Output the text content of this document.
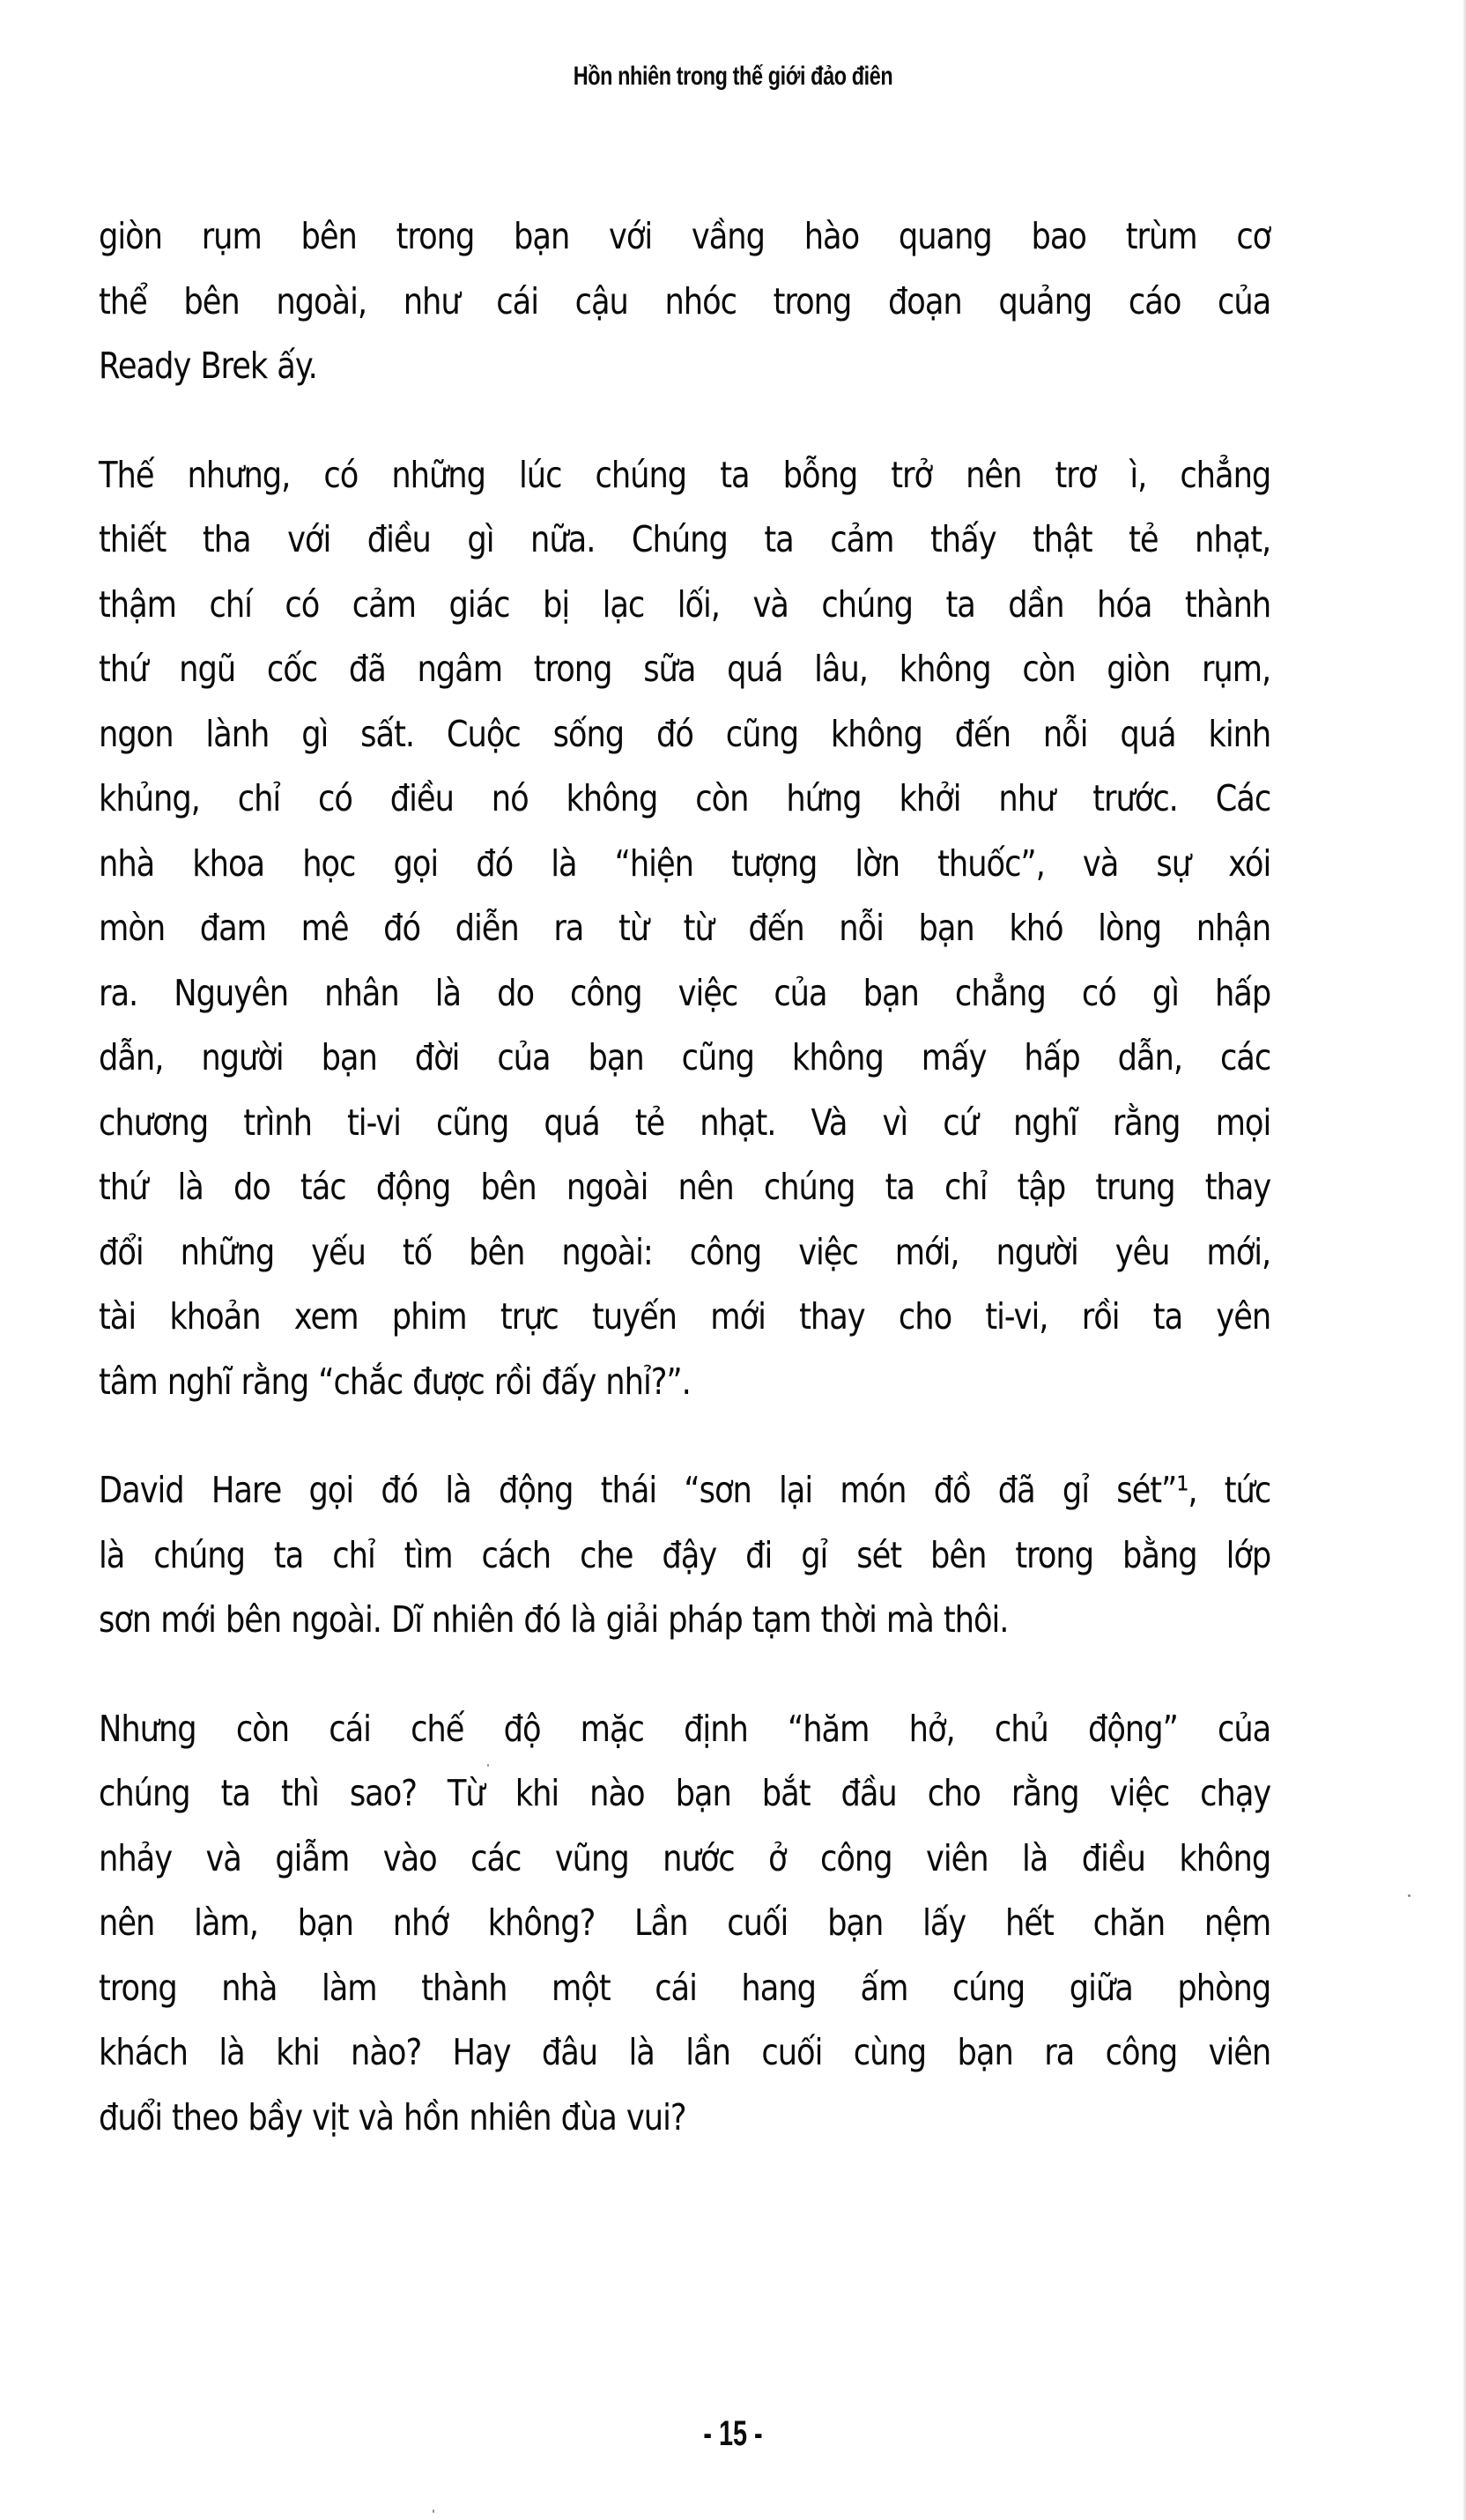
Hồn nhiên trong thế giới đảo điên

giòn rụm bên trong bạn với vầng hào quang bao trùm cơ
thể bên ngoài, như cái cậu nhóc trong đoạn quảng cáo của
Ready Brek ấy.

Thế nhưng, có những lúc chúng ta bỗng trở nên trơ ì, chẳng
thiết tha với điều gì nữa. Chúng ta cảm thấy thật tẻ nhạt,
thậm chí có cảm giác bị lạc lối, và chúng ta dần hóa thành
thứ ngũ cốc đã ngâm trong sữa quá lâu, không còn giòn rụm,
ngon lành gì sất. Cuộc sống đó cũng không đến nỗi quá kinh
khủng, chỉ có điều nó không còn hứng khởi như trước. Các
nhà khoa học gọi đó là “hiện tượng lờn thuốc”, và sự xói
mòn đam mê đó diễn ra từ từ đến nỗi bạn khó lòng nhận
ra. Nguyên nhân là do công việc của bạn chẳng có gì hấp
dẫn, người bạn đời của bạn cũng không mấy hấp dẫn, các
chương trình ti-vi cũng quá tẻ nhạt. Và vì cứ nghĩ rằng mọi
thứ là do tác động bên ngoài nên chúng ta chỉ tập trung thay
đổi những yếu tố bên ngoài: công việc mới, người yêu mới,
tài khoản xem phim trực tuyến mới thay cho ti-vi, rồi ta yên
tâm nghĩ rằng “chắc được rồi đấy nhỉ?”.

David Hare gọi đó là động thái “sơn lại món đồ đã gỉ sét”¹, tức
là chúng ta chỉ tìm cách che đậy đi gỉ sét bên trong bằng lớp
sơn mới bên ngoài. Dĩ nhiên đó là giải pháp tạm thời mà thôi.

Nhưng còn cái chế độ mặc định “hăm hở, chủ động” của
chúng ta thì sao? Từ khi nào bạn bắt đầu cho rằng việc chạy
nhảy và giẫm vào các vũng nước ở công viên là điều không
nên làm, bạn nhớ không? Lần cuối bạn lấy hết chăn nệm
trong nhà làm thành một cái hang ấm cúng giữa phòng
khách là khi nào? Hay đâu là lần cuối cùng bạn ra công viên
đuổi theo bầy vịt và hồn nhiên đùa vui?

- 15 -
